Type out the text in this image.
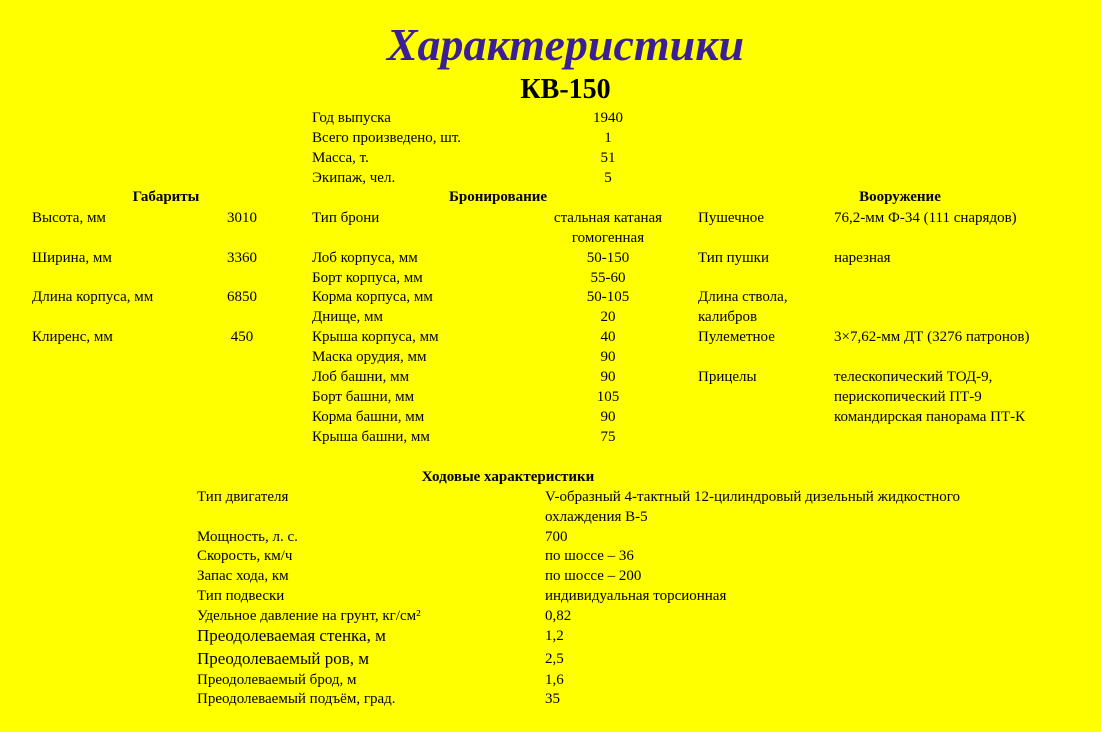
Характеристики
КВ-150
Год выпуска	1940
Всего произведено, шт.	1
Масса, т.	51
Экипаж, чел.	5
Габариты
Высота, мм	3010
Ширина, мм	3360
Длина корпуса, мм	6850
Клиренс, мм	450
Бронирование
Тип брони	стальная катаная
гомогенная
Лоб корпуса, мм	50-150
Борт корпуса, мм	55-60
Корма корпуса, мм	50-105
Днище, мм	20
Крыша корпуса, мм	40
Маска орудия, мм	90
Лоб башни, мм	90
Борт башни, мм	105
Корма башни, мм	90
Крыша башни, мм	75
Вооружение
Пушечное	76,2-мм Ф-34 (111 снарядов)
Тип пушки	нарезная
Длина ствола,
калибров
Пулеметное	3×7,62-мм ДТ (3276 патронов)
Прицелы	телескопический ТОД-9,
перископический ПТ-9
командирская панорама ПТ-К
Ходовые характеристики
Тип двигателя	V-образный 4-тактный 12-цилиндровый дизельный жидкостного
охлаждения В-5
Мощность, л. с.	700
Скорость, км/ч	по шоссе – 36
Запас хода, км	по шоссе – 200
Тип подвески	индивидуальная торсионная
Удельное давление на грунт, кг/см²	0,82
Преодолеваемая стенка, м	1,2
Преодолеваемый ров, м	2,5
Преодолеваемый брод, м	1,6
Преодолеваемый подъём, град.	35
